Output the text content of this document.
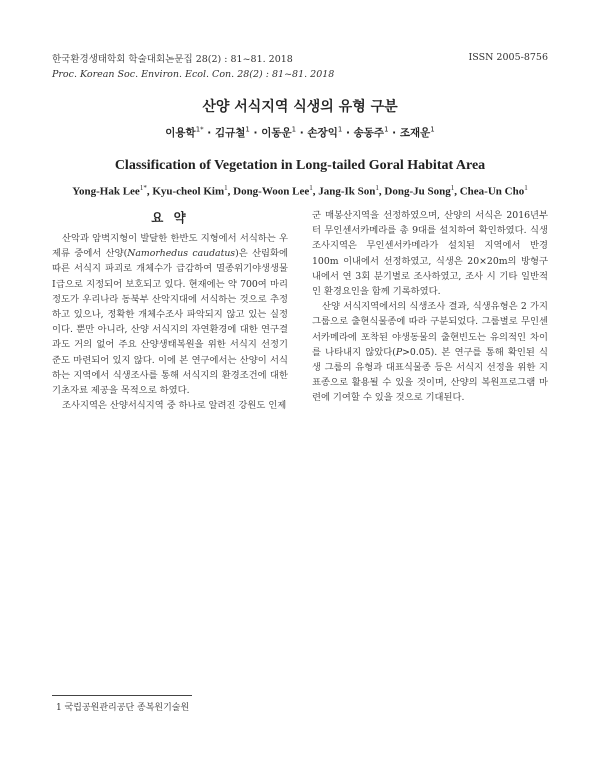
한국환경생태학회 학술대회논문집 28(2) : 81~81. 2018
Proc. Korean Soc. Environ. Ecol. Con. 28(2) : 81~81. 2018
ISSN 2005-8756
산양 서식지역 식생의 유형 구분
이용학$^{1*}$ · 김규철$^1$ · 이동운$^1$ · 손장익$^1$ · 송동주$^1$ · 조재운$^1$
Classification of Vegetation in Long-tailed Goral Habitat Area
Yong-Hak Lee$^{1*}$, Kyu-cheol Kim$^1$, Dong-Woon Lee$^1$, Jang-Ik Son$^1$, Dong-Ju Song$^1$, Chea-Un Cho$^1$
요 약

산악과 암벽지형이 발달한 한반도 지형에서 서식하는 우제류 중에서 산양(Namorhedus caudatus)은 산림화에 따른 서식지 파괴로 개체수가 급감하여 멸종위기야생생물 Ⅰ급으로 지정되어 보호되고 있다. 현재에는 약 700여 마리 정도가 우리나라 동북부 산악지대에 서식하는 것으로 추정하고 있으나, 정확한 개체수조사 파악되지 않고 있는 실정이다. 뿐만 아니라, 산양 서식지의 자연환경에 대한 연구결과도 거의 없어 주요 산양생태복원을 위한 서식지 선정기준도 마련되어 있지 않다. 이에 본 연구에서는 산양이 서식하는 지역에서 식생조사를 통해 서식지의 환경조건에 대한 기초자료 제공을 목적으로 하였다.

조사지역은 산양서식지역 중 하나로 알려진 강원도 인제

군 매봉산지역을 선정하였으며, 산양의 서식은 2016년부터 무인센서카메라를 총 9대를 설치하여 확인하였다. 식생조사지역은 무인센서카메라가 설치된 지역에서 반경 100m 이내에서 선정하였고, 식생은 20×20m의 방형구 내에서 연 3회 분기별로 조사하였고, 조사 시 기타 일반적인 환경요인을 함께 기록하였다.

산양 서식지역에서의 식생조사 결과, 식생유형은 2 가지 그룹으로 출현식물종에 따라 구분되었다. 그룹별로 무인센서카메라에 포착된 야생동물의 출현빈도는 유의적인 차이를 나타내지 않았다(P>0.05). 본 연구를 통해 확인된 식생 그룹의 유형과 대표식물종 등은 서식지 선정을 위한 지표종으로 활용될 수 있을 것이며, 산양의 복원프로그램 마련에 기여할 수 있을 것으로 기대된다.

1 국립공원관리공단 종복원기술원
